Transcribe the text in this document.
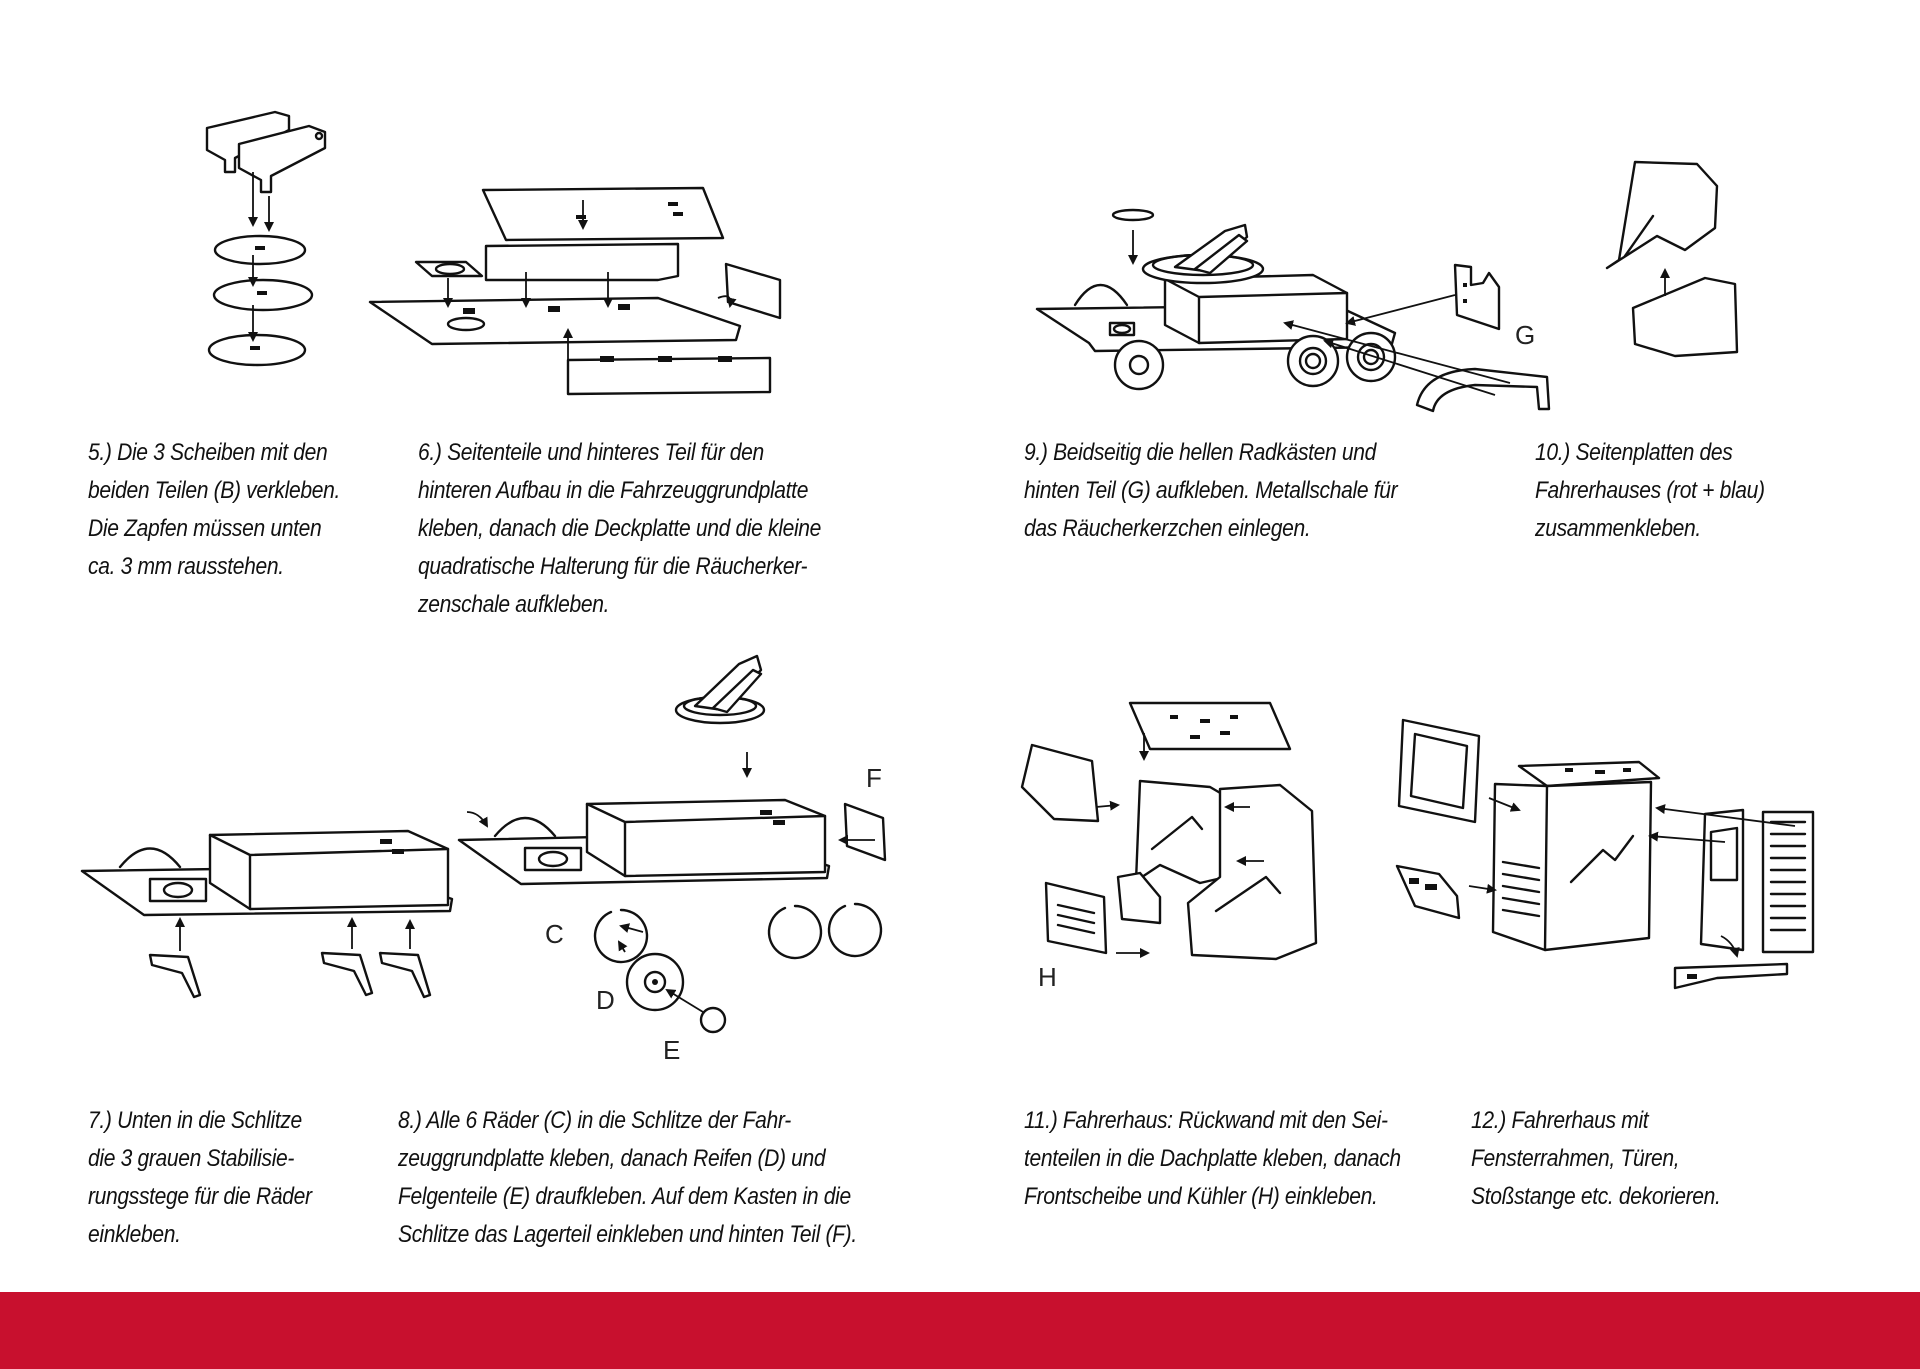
G
F
C
D
E
H

5.) Die 3 Scheiben mit den
beiden Teilen (B) verkleben.
Die Zapfen müssen unten
ca. 3 mm rausstehen.

6.) Seitenteile und hinteres Teil für den
hinteren Aufbau in die Fahrzeuggrundplatte
kleben, danach die Deckplatte und die kleine
quadratische Halterung für die Räucherker-
zenschale aufkleben.

9.) Beidseitig die hellen Radkästen und
hinten Teil (G) aufkleben. Metallschale für
das Räucherkerzchen einlegen.

10.) Seitenplatten des
Fahrerhauses (rot + blau)
zusammenkleben.

7.) Unten in die Schlitze
die 3 grauen Stabilisie-
rungsstege für die Räder
einkleben.

8.) Alle 6 Räder (C) in die Schlitze der Fahr-
zeuggrundplatte kleben, danach Reifen (D) und
Felgenteile (E) draufkleben. Auf dem Kasten in die
Schlitze das Lagerteil einkleben und hinten Teil (F).

11.) Fahrerhaus: Rückwand mit den Sei-
tenteilen in die Dachplatte kleben, danach
Frontscheibe und Kühler (H) einkleben.

12.) Fahrerhaus mit
Fensterrahmen, Türen,
Stoßstange etc. dekorieren.
